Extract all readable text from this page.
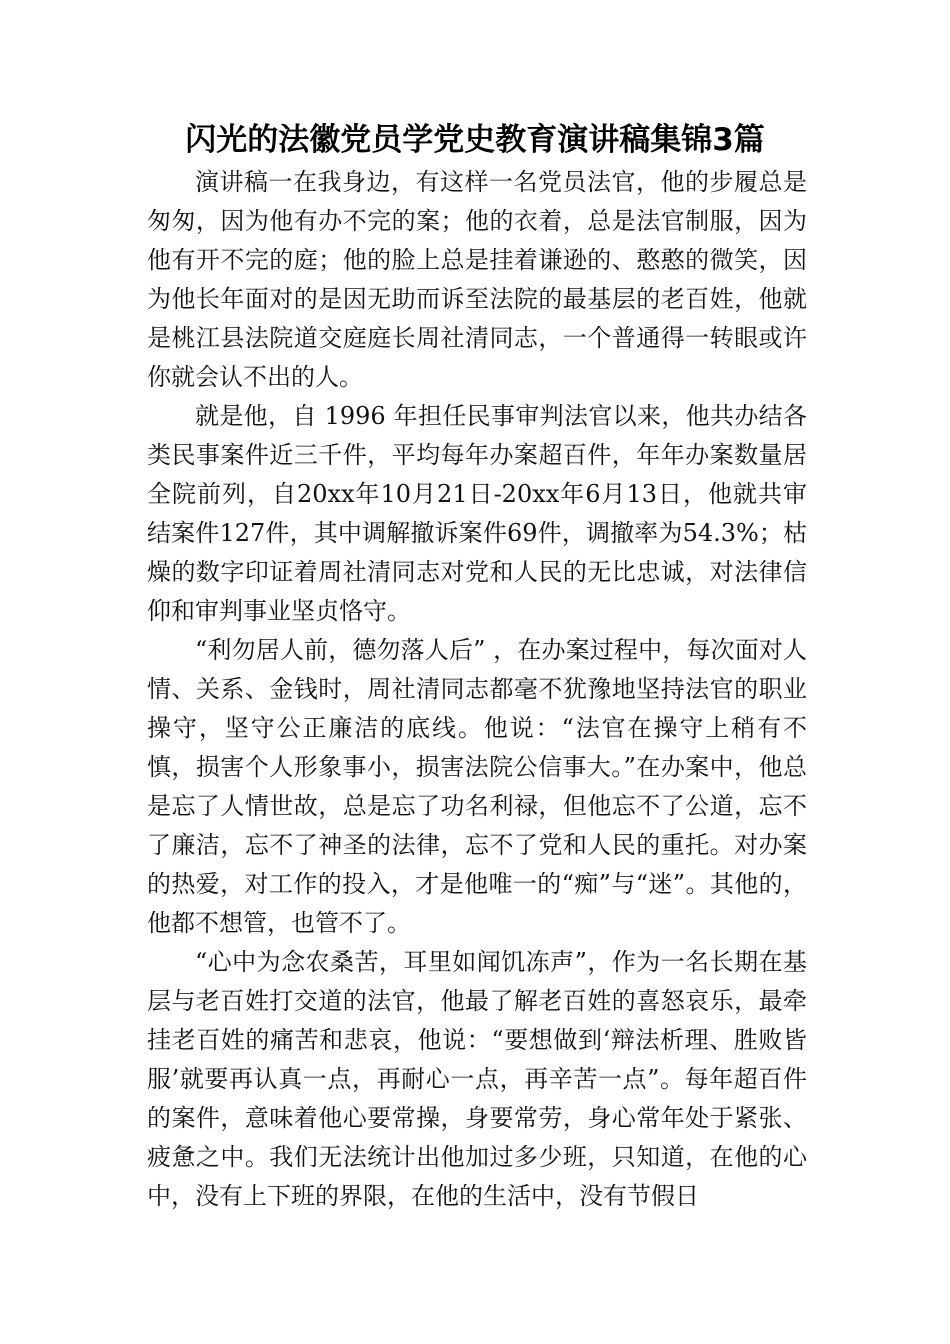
闪光的法徽党员学党史教育演讲稿集锦3篇

演讲稿一在我身边，有这样一名党员法官，他的步履总是匆匆，因为他有办不完的案；他的衣着，总是法官制服，因为他有开不完的庭；他的脸上总是挂着谦逊的、憨憨的微笑，因为他长年面对的是因无助而诉至法院的最基层的老百姓，他就是桃江县法院道交庭庭长周社清同志，一个普通得一转眼或许你就会认不出的人。

就是他，自 1996 年担任民事审判法官以来，他共办结各类民事案件近三千件，平均每年办案超百件，年年办案数量居全院前列，自20xx年10月21日-20xx年6月13日，他就共审结案件127件，其中调解撤诉案件69件，调撤率为54.3%；枯燥的数字印证着周社清同志对党和人民的无比忠诚，对法律信仰和审判事业坚贞恪守。

“利勿居人前，德勿落人后” ，在办案过程中，每次面对人情、关系、金钱时，周社清同志都毫不犹豫地坚持法官的职业操守，坚守公正廉洁的底线。他说：“法官在操守上稍有不慎，损害个人形象事小，损害法院公信事大。”在办案中，他总是忘了人情世故，总是忘了功名利禄，但他忘不了公道，忘不了廉洁，忘不了神圣的法律，忘不了党和人民的重托。对办案的热爱，对工作的投入，才是他唯一的“痴”与“迷”。其他的，他都不想管，也管不了。

“心中为念农桑苦，耳里如闻饥冻声”，作为一名长期在基层与老百姓打交道的法官，他最了解老百姓的喜怒哀乐，最牵挂老百姓的痛苦和悲哀，他说：“要想做到‘辩法析理、胜败皆服’就要再认真一点，再耐心一点，再辛苦一点”。每年超百件的案件，意味着他心要常操，身要常劳，身心常年处于紧张、疲惫之中。我们无法统计出他加过多少班，只知道，在他的心中，没有上下班的界限，在他的生活中，没有节假日
